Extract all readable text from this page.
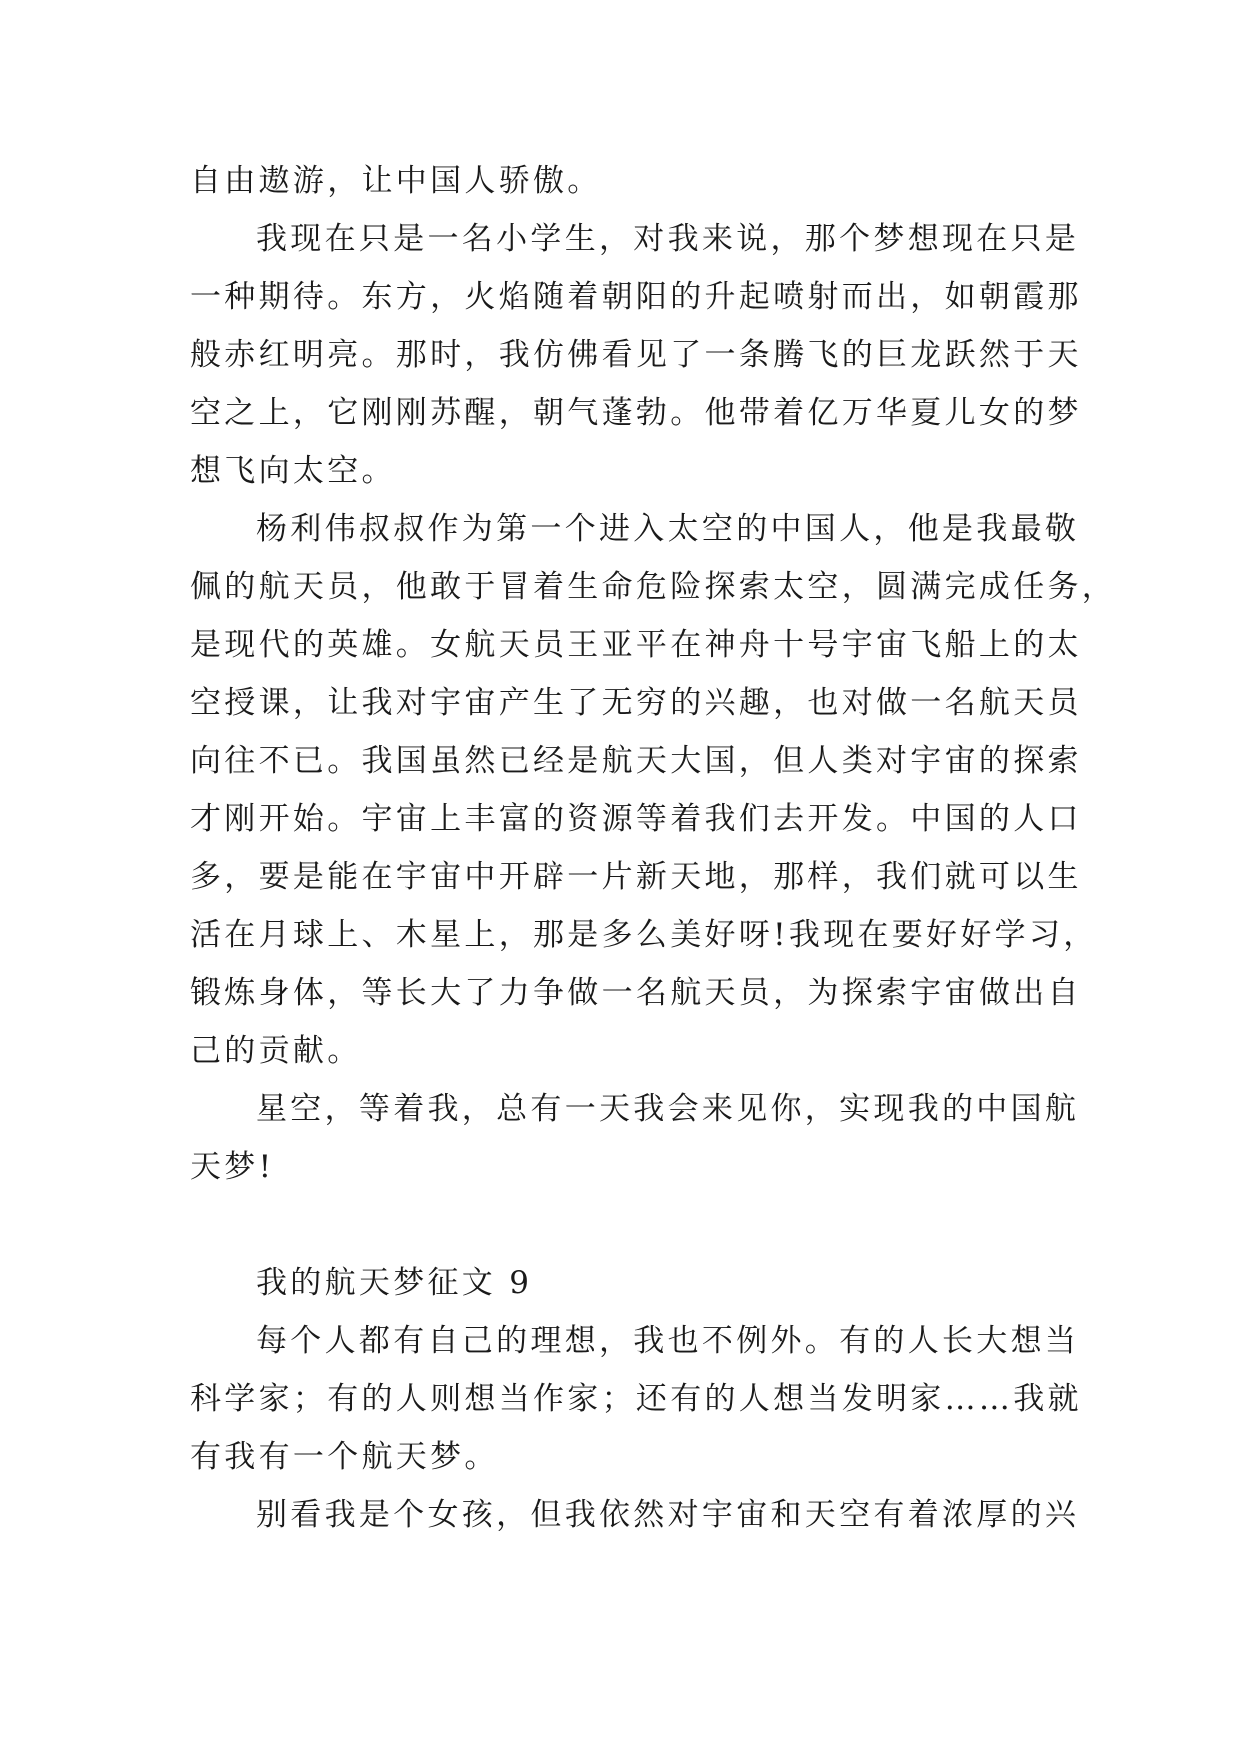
自由遨游，让中国人骄傲。
我现在只是一名小学生，对我来说，那个梦想现在只是
一种期待。东方，火焰随着朝阳的升起喷射而出，如朝霞那
般赤红明亮。那时，我仿佛看见了一条腾飞的巨龙跃然于天
空之上，它刚刚苏醒，朝气蓬勃。他带着亿万华夏儿女的梦
想飞向太空。
杨利伟叔叔作为第一个进入太空的中国人，他是我最敬
佩的航天员，他敢于冒着生命危险探索太空，圆满完成任务，
是现代的英雄。女航天员王亚平在神舟十号宇宙飞船上的太
空授课，让我对宇宙产生了无穷的兴趣，也对做一名航天员
向往不已。我国虽然已经是航天大国，但人类对宇宙的探索
才刚开始。宇宙上丰富的资源等着我们去开发。中国的人口
多，要是能在宇宙中开辟一片新天地，那样，我们就可以生
活在月球上、木星上，那是多么美好呀!我现在要好好学习，
锻炼身体，等长大了力争做一名航天员，为探索宇宙做出自
己的贡献。
星空，等着我，总有一天我会来见你，实现我的中国航
天梦!
我的航天梦征文 9
每个人都有自己的理想，我也不例外。有的人长大想当
科学家；有的人则想当作家；还有的人想当发明家……我就
有我有一个航天梦。
别看我是个女孩，但我依然对宇宙和天空有着浓厚的兴
